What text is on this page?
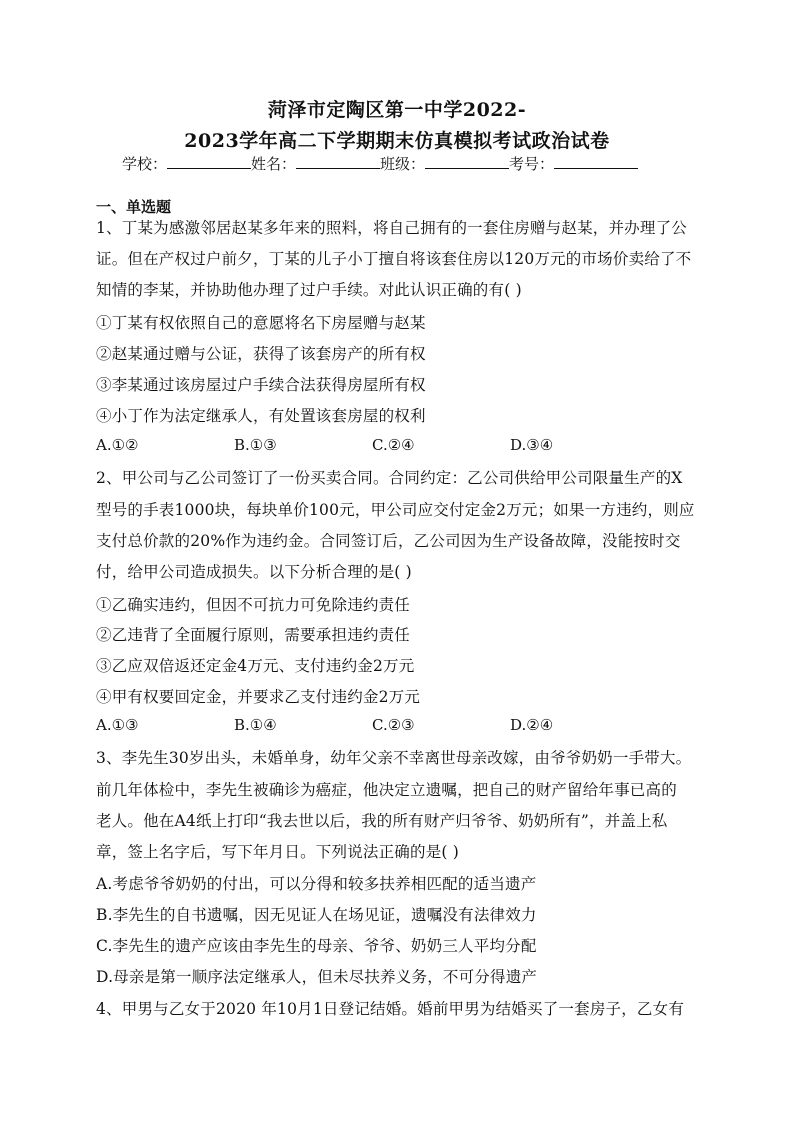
菏泽市定陶区第一中学2022-
2023学年高二下学期期末仿真模拟考试政治试卷
学校：	姓名：	班级：	考号：
一、单选题
1、丁某为感激邻居赵某多年来的照料，将自己拥有的一套住房赠与赵某，并办理了公
证。但在产权过户前夕，丁某的儿子小丁擅自将该套住房以120万元的市场价卖给了不
知情的李某，并协助他办理了过户手续。对此认识正确的有( )
①丁某有权依照自己的意愿将名下房屋赠与赵某
②赵某通过赠与公证，获得了该套房产的所有权
③李某通过该房屋过户手续合法获得房屋所有权
④小丁作为法定继承人，有处置该套房屋的权利
A.①②	B.①③	C.②④	D.③④
2、甲公司与乙公司签订了一份买卖合同。合同约定：乙公司供给甲公司限量生产的X
型号的手表1000块，每块单价100元，甲公司应交付定金2万元；如果一方违约，则应
支付总价款的20%作为违约金。合同签订后，乙公司因为生产设备故障，没能按时交
付，给甲公司造成损失。以下分析合理的是( )
①乙确实违约，但因不可抗力可免除违约责任
②乙违背了全面履行原则，需要承担违约责任
③乙应双倍返还定金4万元、支付违约金2万元
④甲有权要回定金，并要求乙支付违约金2万元
A.①③	B.①④	C.②③	D.②④
3、李先生30岁出头，未婚单身，幼年父亲不幸离世母亲改嫁，由爷爷奶奶一手带大。
前几年体检中，李先生被确诊为癌症，他决定立遗嘱，把自己的财产留给年事已高的
老人。他在A4纸上打印“我去世以后，我的所有财产归爷爷、奶奶所有”，并盖上私
章，签上名字后，写下年月日。下列说法正确的是( )
A.考虑爷爷奶奶的付出，可以分得和较多扶养相匹配的适当遗产
B.李先生的自书遗嘱，因无见证人在场见证，遗嘱没有法律效力
C.李先生的遗产应该由李先生的母亲、爷爷、奶奶三人平均分配
D.母亲是第一顺序法定继承人，但未尽扶养义务，不可分得遗产
4、甲男与乙女于2020 年10月1日登记结婚。婚前甲男为结婚买了一套房子，乙女有
